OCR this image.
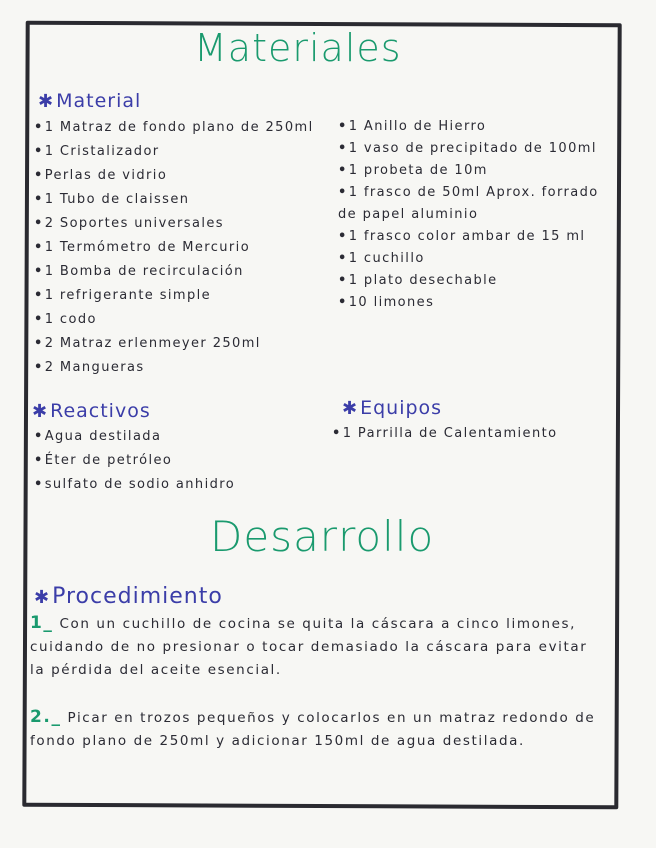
Materiales
✱ Material
•1 Matraz de fondo plano de 250ml
•1 Cristalizador
•Perlas de vidrio
•1 Tubo de claissen
•2 Soportes universales
•1 Termómetro de Mercurio
•1 Bomba de recirculación
•1 refrigerante simple
•1 codo
•2 Matraz erlenmeyer 250ml
•2 Mangueras
•1 Anillo de Hierro
•1 vaso de precipitado de 100ml
•1 probeta de 10m
•1 frasco de 50ml Aprox. forrado de papel aluminio
•1 frasco color ambar de 15 ml
•1 cuchillo
•1 plato desechable
•10 limones
✱ Reactivos
•Agua destilada
•Éter de petróleo
•sulfato de sodio anhidro
✱ Equipos
•1 Parrilla de Calentamiento
Desarrollo
✱Procedimiento

1_ Con un cuchillo de cocina se quita la cáscara a cinco limones, cuidando de no presionar o tocar demasiado la cáscara para evitar la pérdida del aceite esencial.

2._ Picar en trozos pequeños y colocarlos en un matraz redondo de fondo plano de 250ml y adicionar 150ml de agua destilada.
